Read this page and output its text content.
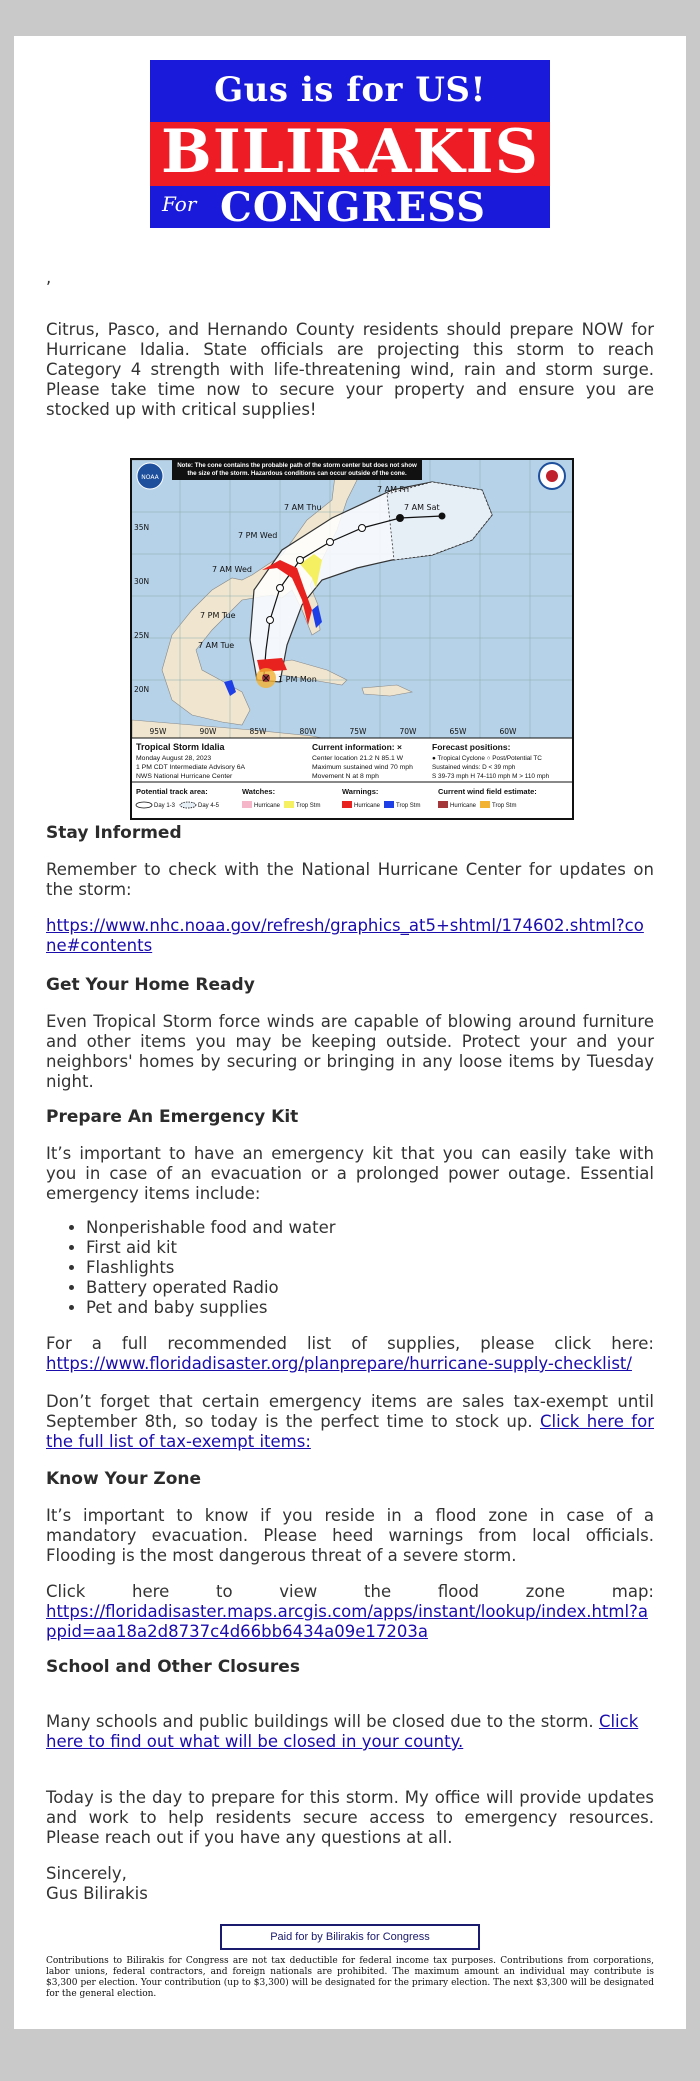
Gus is for US!
BILIRAKIS
For CONGRESS

,

Citrus, Pasco, and Hernando County residents should prepare NOW for Hurricane Idalia. State officials are projecting this storm to reach Category 4 strength with life-threatening wind, rain and storm surge. Please take time now to secure your property and ensure you are stocked up with critical supplies!

×
Note: The cone contains the probable path of the storm center but does not show the size of the storm. Hazardous conditions can occur outside of the cone.
NOAA
7 AM Fri
7 AM Sat
7 AM Thu
7 PM Wed
7 AM Wed
7 PM Tue
7 AM Tue
1 PM Mon
35N
30N
25N
20N
95W	90W	85W	80W	75W	70W	65W	60W
Tropical Storm Idalia
Monday August 28, 2023
1 PM CDT Intermediate Advisory 6A
NWS National Hurricane Center
Current information: ×
Center location 21.2 N 85.1 W
Maximum sustained wind 70 mph
Movement N at 8 mph
Forecast positions:
● Tropical Cyclone ○ Post/Potential TC
Sustained winds: D < 39 mph
S 39-73 mph H 74-110 mph M > 110 mph
Potential track area:
Day 1-3	Day 4-5
Watches:
Hurricane	Trop Stm
Warnings:
Hurricane	Trop Stm
Current wind field estimate:
Hurricane	Trop Stm
Stay Informed

Remember to check with the National Hurricane Center for updates on the storm:

https://www.nhc.noaa.gov/refresh/graphics_at5+shtml/174602.shtml?cone#contents

Get Your Home Ready

Even Tropical Storm force winds are capable of blowing around furniture and other items you may be keeping outside. Protect your and your neighbors' homes by securing or bringing in any loose items by Tuesday night.

Prepare An Emergency Kit

It’s important to have an emergency kit that you can easily take with you in case of an evacuation or a prolonged power outage. Essential emergency items include:

• Nonperishable food and water
• First aid kit
• Flashlights
• Battery operated Radio
• Pet and baby supplies

For a full recommended list of supplies, please click here:
https://www.floridadisaster.org/planprepare/hurricane-supply-checklist/

Don’t forget that certain emergency items are sales tax-exempt until September 8th, so today is the perfect time to stock up. Click here for the full list of tax-exempt items:

Know Your Zone

It’s important to know if you reside in a flood zone in case of a mandatory evacuation. Please heed warnings from local officials. Flooding is the most dangerous threat of a severe storm.

Click here to view the flood zone map:
https://floridadisaster.maps.arcgis.com/apps/instant/lookup/index.html?appid=aa18a2d8737c4d66bb6434a09e17203a

School and Other Closures

Many schools and public buildings will be closed due to the storm. Click here to find out what will be closed in your county.

Today is the day to prepare for this storm. My office will provide updates and work to help residents secure access to emergency resources. Please reach out if you have any questions at all.

Sincerely,

Gus Bilirakis

Paid for by Bilirakis for Congress
Contributions to Bilirakis for Congress are not tax deductible for federal income tax purposes. Contributions from corporations, labor unions, federal contractors, and foreign nationals are prohibited. The maximum amount an individual may contribute is $3,300 per election. Your contribution (up to $3,300) will be designated for the primary election. The next $3,300 will be designated for the general election.
